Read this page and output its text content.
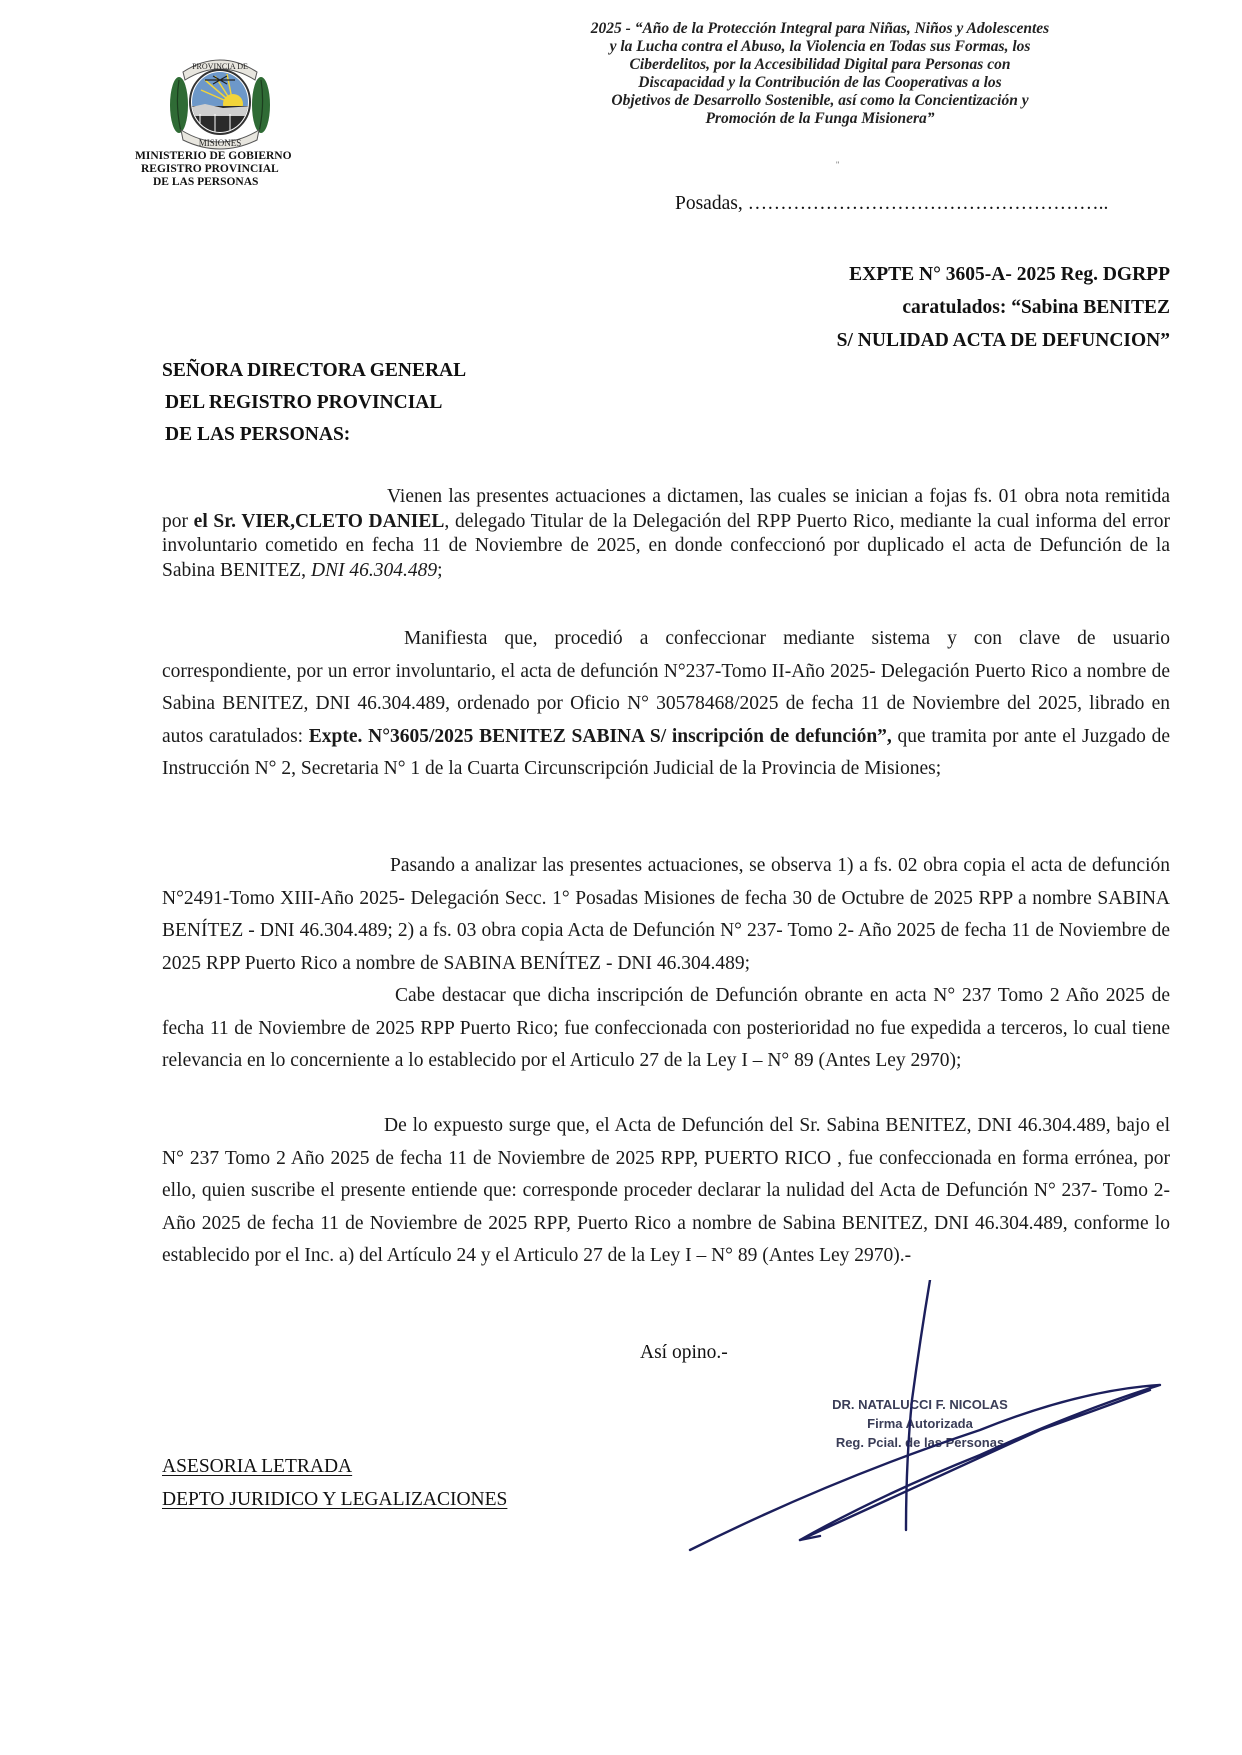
2025 - “Año de la Protección Integral para Niñas, Niños y Adolescentes
y la Lucha contra el Abuso, la Violencia en Todas sus Formas, los
Ciberdelitos, por la Accesibilidad Digital para Personas con
Discapacidad y la Contribución de las Cooperativas a los
Objetivos de Desarrollo Sostenible, así como la Concientización y
Promoción de la Funga Misionera”
PROVINCIA DE
MISIONES
MINISTERIO DE GOBIERNO
REGISTRO PROVINCIAL
DE LAS PERSONAS
"
Posadas, ………………………………………………..
EXPTE N° 3605-A- 2025 Reg. DGRPP
caratulados: “Sabina BENITEZ
S/ NULIDAD ACTA DE DEFUNCION”
SEÑORA DIRECTORA GENERAL
DEL REGISTRO PROVINCIAL
DE LAS PERSONAS:

Vienen las presentes actuaciones a dictamen, las cuales se inician a fojas fs. 01 obra nota remitida por el Sr. VIER,CLETO DANIEL, delegado Titular de la Delegación del RPP Puerto Rico, mediante la cual informa del error involuntario cometido en fecha 11 de Noviembre de 2025, en donde confeccionó por duplicado el acta de Defunción de la Sabina BENITEZ, DNI 46.304.489;

Manifiesta que, procedió a confeccionar mediante sistema y con clave de usuario correspondiente, por un error involuntario, el acta de defunción N°237-Tomo II-Año 2025- Delegación Puerto Rico a nombre de Sabina BENITEZ, DNI 46.304.489, ordenado por Oficio N° 30578468/2025 de fecha 11 de Noviembre del 2025, librado en autos caratulados: Expte. N°3605/2025 BENITEZ SABINA S/ inscripción de defunción”, que tramita por ante el Juzgado de Instrucción N° 2, Secretaria N° 1 de la Cuarta Circunscripción Judicial de la Provincia de Misiones;

Pasando a analizar las presentes actuaciones, se observa 1) a fs. 02 obra copia el acta de defunción N°2491-Tomo XIII-Año 2025- Delegación Secc. 1° Posadas Misiones de fecha 30 de Octubre de 2025 RPP a nombre SABINA BENÍTEZ - DNI 46.304.489; 2) a fs. 03 obra copia Acta de Defunción N° 237- Tomo 2- Año 2025 de fecha 11 de Noviembre de 2025 RPP Puerto Rico a nombre de SABINA BENÍTEZ - DNI 46.304.489;

Cabe destacar que dicha inscripción de Defunción obrante en acta N° 237 Tomo 2 Año 2025 de fecha 11 de Noviembre de 2025 RPP Puerto Rico; fue confeccionada con posterioridad no fue expedida a terceros, lo cual tiene relevancia en lo concerniente a lo establecido por el Articulo 27 de la Ley I – N° 89 (Antes Ley 2970);

De lo expuesto surge que, el Acta de Defunción del Sr. Sabina BENITEZ, DNI 46.304.489, bajo el N° 237 Tomo 2 Año 2025 de fecha 11 de Noviembre de 2025 RPP, PUERTO RICO , fue confeccionada en forma errónea, por ello, quien suscribe el presente entiende que: corresponde proceder declarar la nulidad del Acta de Defunción N° 237- Tomo 2- Año 2025 de fecha 11 de Noviembre de 2025 RPP, Puerto Rico a nombre de Sabina BENITEZ, DNI 46.304.489, conforme lo establecido por el Inc. a) del Artículo 24 y el Articulo 27 de la Ley I – N° 89 (Antes Ley 2970).-

Así opino.-
DR. NATALUCCI F. NICOLAS
Firma Autorizada
Reg. Pcial. de las Personas
ASESORIA LETRADA
DEPTO JURIDICO Y LEGALIZACIONES
